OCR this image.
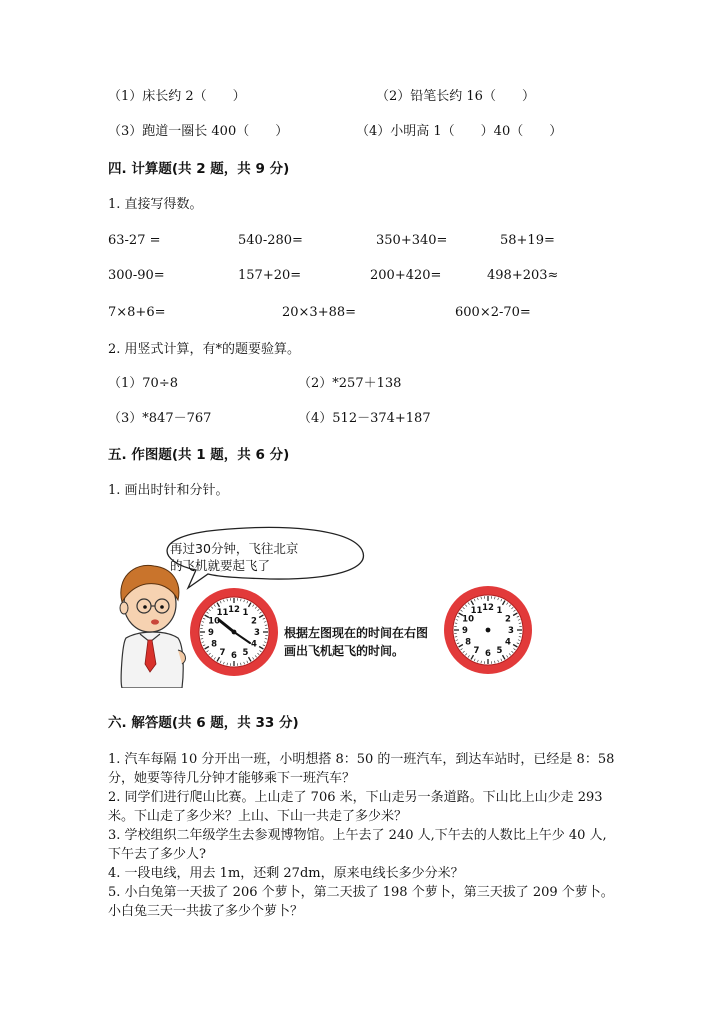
（1）床长约 2（　　）	（2）铅笔长约 16（　　）
（3）跑道一圈长 400（　　）	（4）小明高 1（　　）40（　　）
四. 计算题(共 2 题，共 9 分)
1. 直接写得数。
63-27 =	540-280=	350+340=	58+19=
300-90=	157+20=	200+420=	498+203≈
7×8+6=	20×3+88=	600×2-70=
2. 用竖式计算，有*的题要验算。
（1）70÷8	（2）*257＋138
（3）*847－767	（4）512－374+187
五. 作图题(共 1 题，共 6 分)
1. 画出时针和分针。
再过30分钟，飞往北京
的飞机就要起飞了
12 1
2
3
4
5
6
7
8
9
10
11
根据左图现在的时间在右图
画出飞机起飞的时间。
12 1
2
3
4
5
6
7
8
9
10
11
六. 解答题(共 6 题，共 33 分)
1. 汽车每隔 10 分开出一班，小明想搭 8：50 的一班汽车，到达车站时，已经是 8：58 分，她要等待几分钟才能够乘下一班汽车？
2. 同学们进行爬山比赛。上山走了 706 米，下山走另一条道路。下山比上山少走 293 米。下山走了多少米？上山、下山一共走了多少米？
3. 学校组织二年级学生去参观博物馆。上午去了 240 人,下午去的人数比上午少 40 人,下午去了多少人?
4. 一段电线，用去 1m，还剩 27dm，原来电线长多少分米？
5. 小白兔第一天拔了 206 个萝卜，第二天拔了 198 个萝卜，第三天拔了 209 个萝卜。小白兔三天一共拔了多少个萝卜？
